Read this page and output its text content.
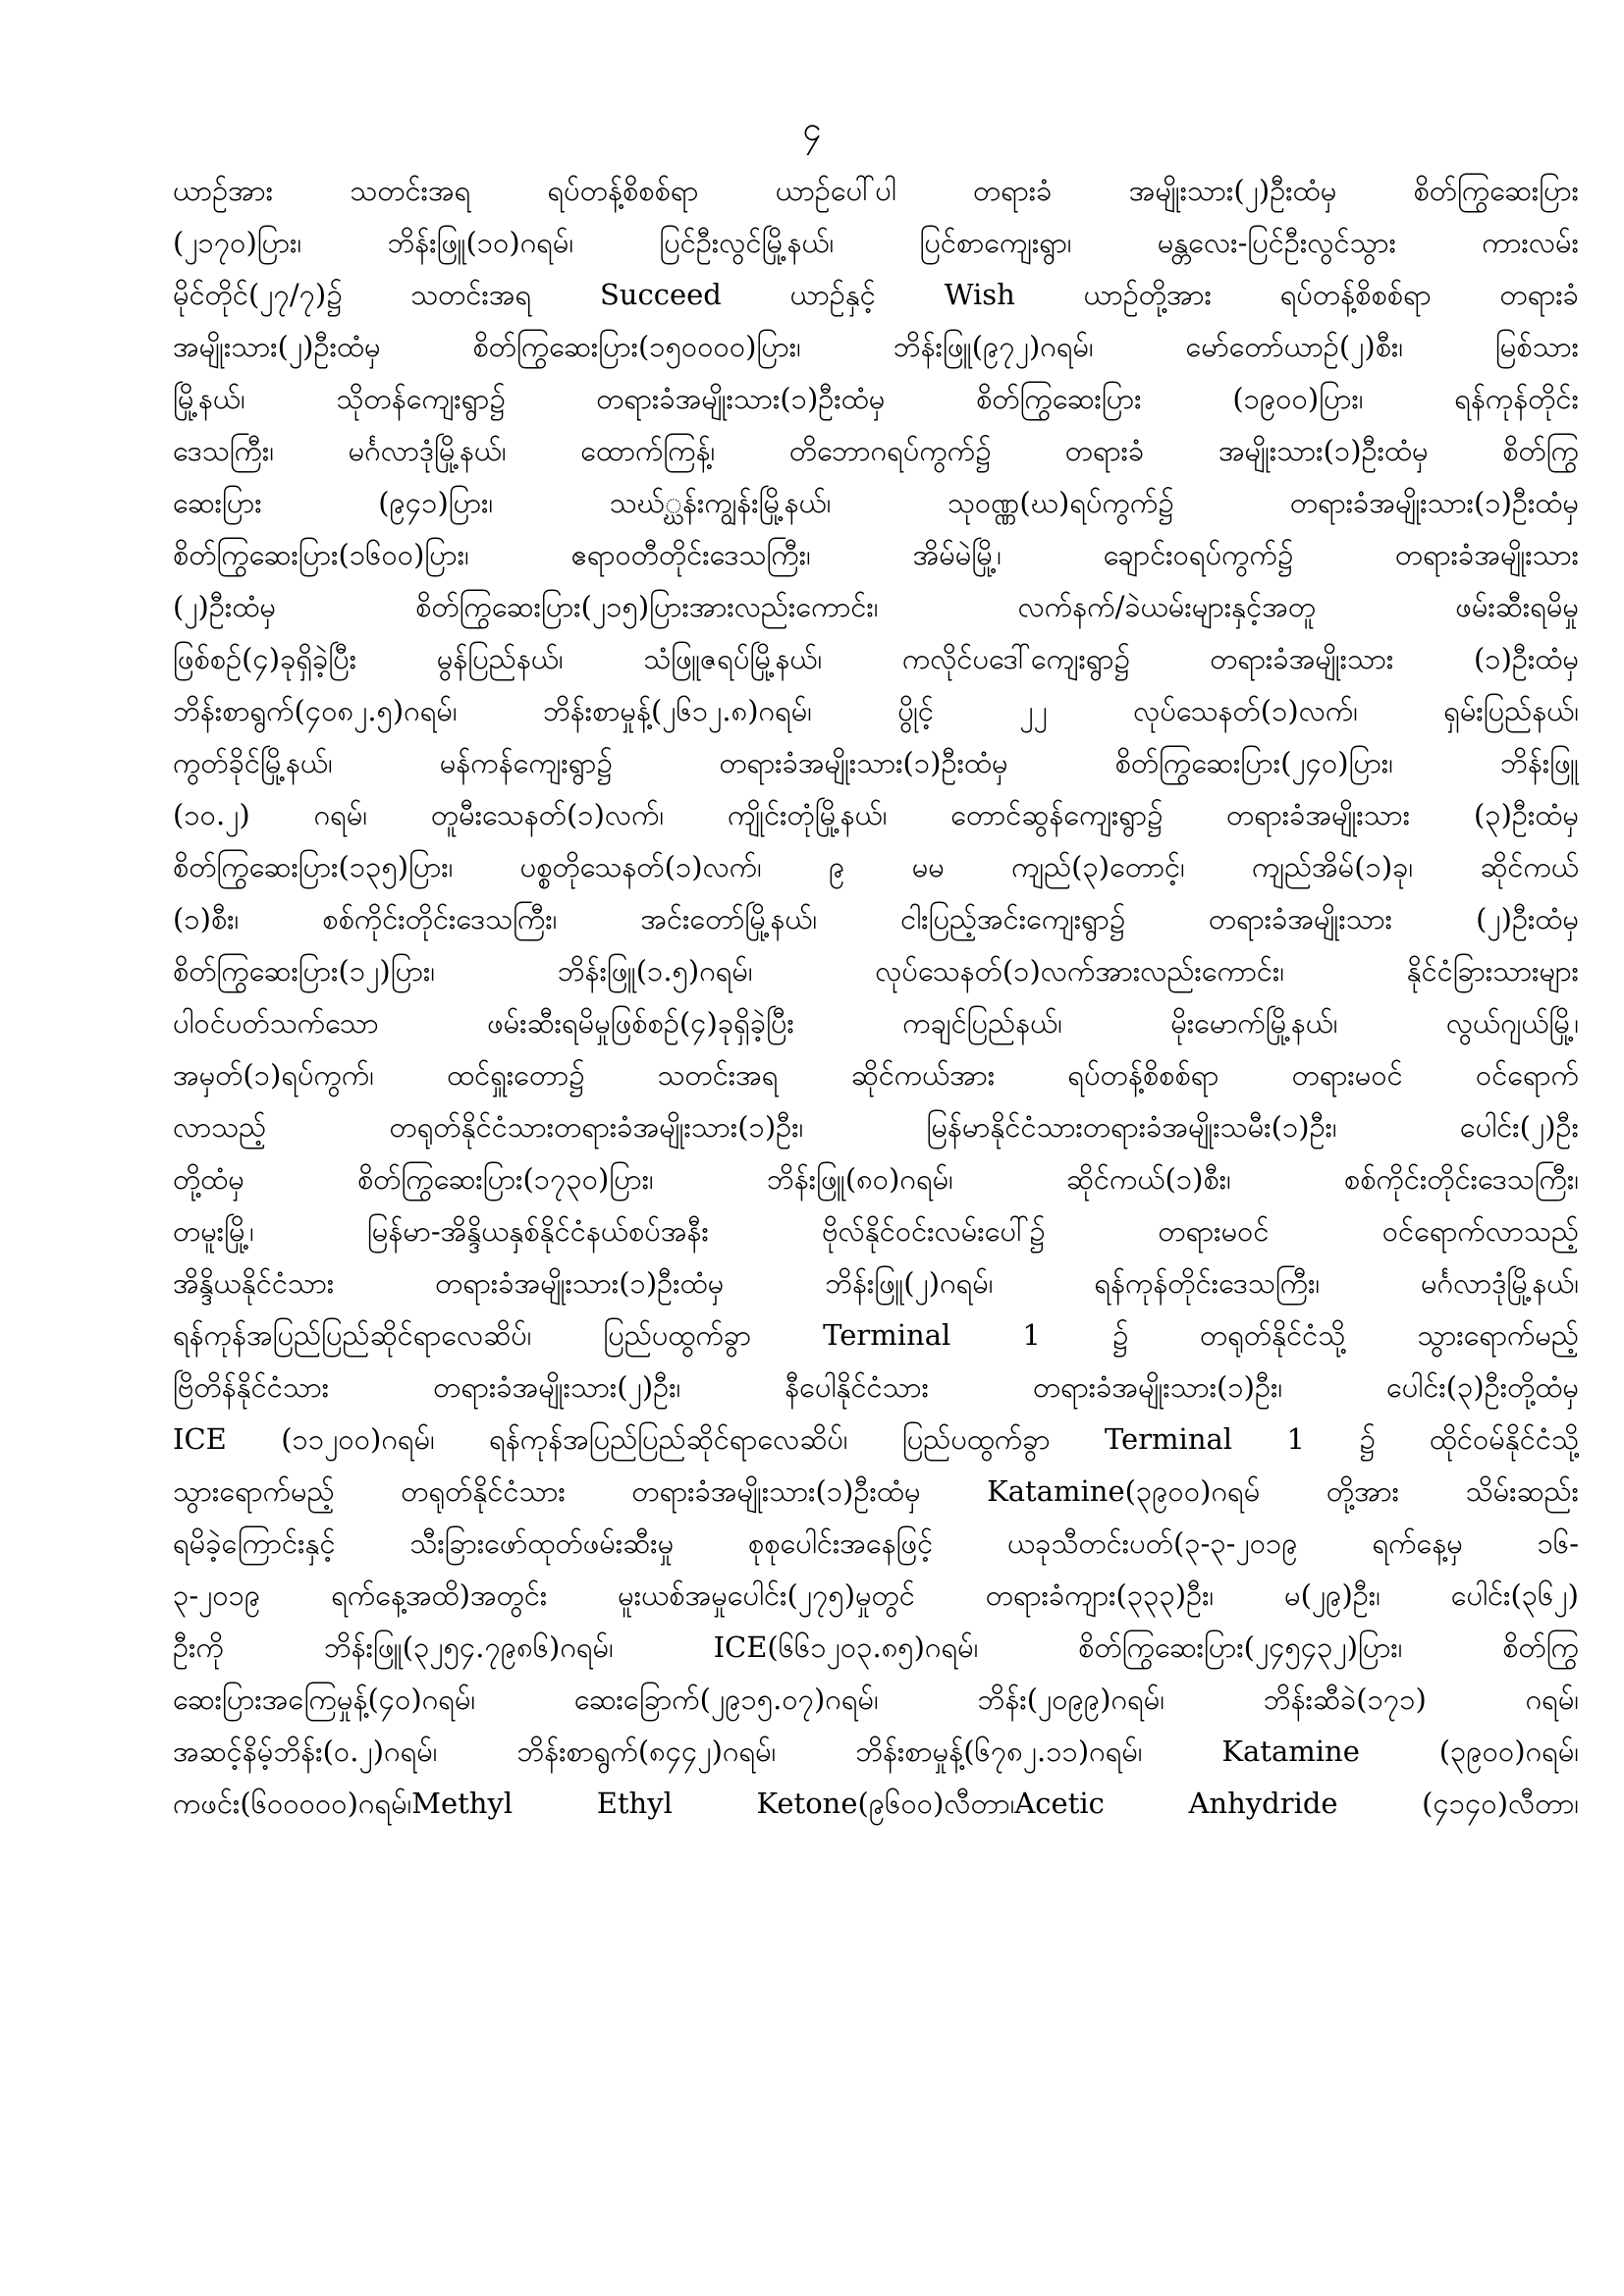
၄
ယာဉ်အား သတင်းအရ ရပ်တန့်စိစစ်ရာ ယာဉ်ပေါ်ပါ တရားခံ အမျိုးသား(၂)ဦးထံမှ စိတ်ကြွဆေးပြား
(၂၁၇၀)ပြား၊ ဘိန်းဖြူ(၁၀)ဂရမ်၊ ပြင်ဦးလွင်မြို့နယ်၊ ပြင်စာကျေးရွာ၊ မန္တလေး-ပြင်ဦးလွင်သွား ကားလမ်း
မိုင်တိုင်(၂၇/၇)၌ သတင်းအရ Succeed ယာဉ်နှင့် Wish ယာဉ်တို့အား ရပ်တန့်စိစစ်ရာ တရားခံ
အမျိုးသား(၂)ဦးထံမှ စိတ်ကြွဆေးပြား(၁၅၀၀၀၀)ပြား၊ ဘိန်းဖြူ(၉၇၂)ဂရမ်၊ မော်တော်ယာဉ်(၂)စီး၊ မြစ်သား
မြို့နယ်၊ သိုတန်ကျေးရွာ၌ တရားခံအမျိုးသား(၁)ဦးထံမှ စိတ်ကြွဆေးပြား (၁၉၀၀)ပြား၊ ရန်ကုန်တိုင်း
ဒေသကြီး၊ မင်္ဂလာဒုံမြို့နယ်၊ ထောက်ကြန့်၊ တိဘောဂရပ်ကွက်၌ တရားခံ အမျိုးသား(၁)ဦးထံမှ စိတ်ကြွ
ဆေးပြား (၉၄၁)ပြား၊ သဃ်္ဃန်းကျွန်းမြို့နယ်၊ သုဝဏ္ဏ(ဃ)ရပ်ကွက်၌ တရားခံအမျိုးသား(၁)ဦးထံမှ
စိတ်ကြွဆေးပြား(၁၆၀၀)ပြား၊ ဧရာဝတီတိုင်းဒေသကြီး၊ အိမ်မဲမြို့၊ ချောင်းဝရပ်ကွက်၌ တရားခံအမျိုးသား
(၂)ဦးထံမှ စိတ်ကြွဆေးပြား(၂၁၅)ပြားအားလည်းကောင်း၊ လက်နက်/ခဲယမ်းများနှင့်အတူ ဖမ်းဆီးရမိမှု
ဖြစ်စဉ်(၄)ခုရှိခဲ့ပြီး မွန်ပြည်နယ်၊ သံဖြူဇရပ်မြို့နယ်၊ ကလိုင်ပဒေါ်ကျေးရွာ၌ တရားခံအမျိုးသား (၁)ဦးထံမှ
ဘိန်းစာရွက်(၄၀၈၂.၅)ဂရမ်၊ ဘိန်းစာမှုန့်(၂၆၁၂.၈)ဂရမ်၊ ပွိုင့် ၂၂ လုပ်သေနတ်(၁)လက်၊ ရှမ်းပြည်နယ်၊
ကွတ်ခိုင်မြို့နယ်၊ မန်ကန်ကျေးရွာ၌ တရားခံအမျိုးသား(၁)ဦးထံမှ စိတ်ကြွဆေးပြား(၂၄၀)ပြား၊ ဘိန်းဖြူ
(၁၀.၂) ဂရမ်၊ တူမီးသေနတ်(၁)လက်၊ ကျိုင်းတုံမြို့နယ်၊ တောင်ဆွန်ကျေးရွာ၌ တရားခံအမျိုးသား (၃)ဦးထံမှ
စိတ်ကြွဆေးပြား(၁၃၅)ပြား၊ ပစ္စတိုသေနတ်(၁)လက်၊ ၉ မမ ကျည်(၃)တောင့်၊ ကျည်အိမ်(၁)ခု၊ ဆိုင်ကယ်
(၁)စီး၊ စစ်ကိုင်းတိုင်းဒေသကြီး၊ အင်းတော်မြို့နယ်၊ ငါးပြည့်အင်းကျေးရွာ၌ တရားခံအမျိုးသား (၂)ဦးထံမှ
စိတ်ကြွဆေးပြား(၁၂)ပြား၊ ဘိန်းဖြူ(၁.၅)ဂရမ်၊ လုပ်သေနတ်(၁)လက်အားလည်းကောင်း၊ နိုင်ငံခြားသားများ
ပါဝင်ပတ်သက်သော ဖမ်းဆီးရမိမှုဖြစ်စဉ်(၄)ခုရှိခဲ့ပြီး ကချင်ပြည်နယ်၊ မိုးမောက်မြို့နယ်၊ လွယ်ဂျယ်မြို့၊
အမှတ်(၁)ရပ်ကွက်၊ ထင်ရှူးတော၌ သတင်းအရ ဆိုင်ကယ်အား ရပ်တန့်စိစစ်ရာ တရားမဝင် ဝင်ရောက်
လာသည့် တရုတ်နိုင်ငံသားတရားခံအမျိုးသား(၁)ဦး၊ မြန်မာနိုင်ငံသားတရားခံအမျိုးသမီး(၁)ဦး၊ ပေါင်း(၂)ဦး
တို့ထံမှ စိတ်ကြွဆေးပြား(၁၇၃၀)ပြား၊ ဘိန်းဖြူ(၈၀)ဂရမ်၊ ဆိုင်ကယ်(၁)စီး၊ စစ်ကိုင်းတိုင်းဒေသကြီး၊
တမူးမြို့၊ မြန်မာ-အိန္ဒိယနှစ်နိုင်ငံနယ်စပ်အနီး ဗိုလ်နိုင်ဝင်းလမ်းပေါ်၌ တရားမဝင် ဝင်ရောက်လာသည့်
အိန္ဒိယနိုင်ငံသား တရားခံအမျိုးသား(၁)ဦးထံမှ ဘိန်းဖြူ(၂)ဂရမ်၊ ရန်ကုန်တိုင်းဒေသကြီး၊ မင်္ဂလာဒုံမြို့နယ်၊
ရန်ကုန်အပြည်ပြည်ဆိုင်ရာလေဆိပ်၊ ပြည်ပထွက်ခွာ Terminal 1 ၌ တရုတ်နိုင်ငံသို့ သွားရောက်မည့်
ဗြိတိန်နိုင်ငံသား တရားခံအမျိုးသား(၂)ဦး၊ နီပေါနိုင်ငံသား တရားခံအမျိုးသား(၁)ဦး၊ ပေါင်း(၃)ဦးတို့ထံမှ
ICE (၁၁၂၀၀)ဂရမ်၊ ရန်ကုန်အပြည်ပြည်ဆိုင်ရာလေဆိပ်၊ ပြည်ပထွက်ခွာ Terminal 1 ၌ ထိုင်ဝမ်နိုင်ငံသို့
သွားရောက်မည့် တရုတ်နိုင်ငံသား တရားခံအမျိုးသား(၁)ဦးထံမှ Katamine(၃၉၀၀)ဂရမ် တို့အား သိမ်းဆည်း
ရမိခဲ့ကြောင်းနှင့် သီးခြားဖော်ထုတ်ဖမ်းဆီးမှု စုစုပေါင်းအနေဖြင့် ယခုသီတင်းပတ်(၃-၃-၂၀၁၉ ရက်နေ့မှ ၁၆-
၃-၂၀၁၉ ရက်နေ့အထိ)အတွင်း မူးယစ်အမှုပေါင်း(၂၇၅)မှုတွင် တရားခံကျား(၃၃၃)ဦး၊ မ(၂၉)ဦး၊ ပေါင်း(၃၆၂)
ဦးကို ဘိန်းဖြူ(၃၂၅၄.၇၉၈၆)ဂရမ်၊ ICE(၆၆၁၂၀၃.၈၅)ဂရမ်၊ စိတ်ကြွဆေးပြား(၂၄၅၄၃၂)ပြား၊ စိတ်ကြွ
ဆေးပြားအကြေမှုန့်(၄၀)ဂရမ်၊ ဆေးခြောက်(၂၉၁၅.၀၇)ဂရမ်၊ ဘိန်း(၂၀၉၉)ဂရမ်၊ ဘိန်းဆီခဲ(၁၇၁) ဂရမ်၊
အဆင့်နိမ့်ဘိန်း(၀.၂)ဂရမ်၊ ဘိန်းစာရွက်(၈၄၄၂)ဂရမ်၊ ဘိန်းစာမှုန့်(၆၇၈၂.၁၁)ဂရမ်၊ Katamine (၃၉၀၀)ဂရမ်၊
ကဖင်း(၆၀၀၀၀၀)ဂရမ်၊Methyl Ethyl Ketone(၉၆၀၀)လီတာ၊Acetic Anhydride (၄၁၄၀)လီတာ၊
